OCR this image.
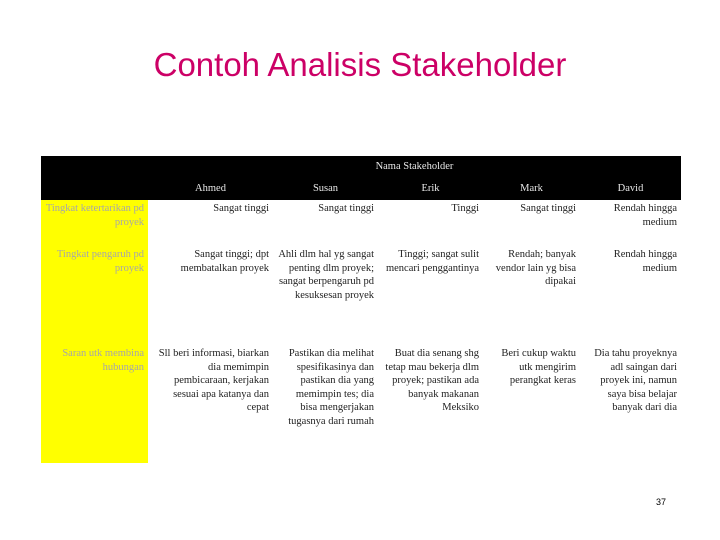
Contoh Analisis Stakeholder
	Nama Stakeholder				
	Ahmed	Susan	Erik	Mark	David
Tingkat ketertarikan pd proyek	Sangat tinggi	Sangat tinggi	Tinggi	Sangat tinggi	Rendah hingga medium
Tingkat pengaruh pd proyek	Sangat tinggi; dpt membatalkan proyek	Ahli dlm hal yg sangat penting dlm proyek; sangat berpengaruh pd kesuksesan proyek	Tinggi; sangat sulit mencari penggantinya	Rendah; banyak vendor lain yg bisa dipakai	Rendah hingga medium
Saran utk membina hubungan	Sll beri informasi, biarkan dia memimpin pembicaraan, kerjakan sesuai apa katanya dan cepat	Pastikan dia melihat spesifikasinya dan pastikan dia yang memimpin tes; dia bisa mengerjakan tugasnya dari rumah	Buat dia senang shg tetap mau bekerja dlm proyek; pastikan ada banyak makanan Meksiko	Beri cukup waktu utk mengirim perangkat keras	Dia tahu proyeknya adl saingan dari proyek ini, namun saya bisa belajar banyak dari dia
37
